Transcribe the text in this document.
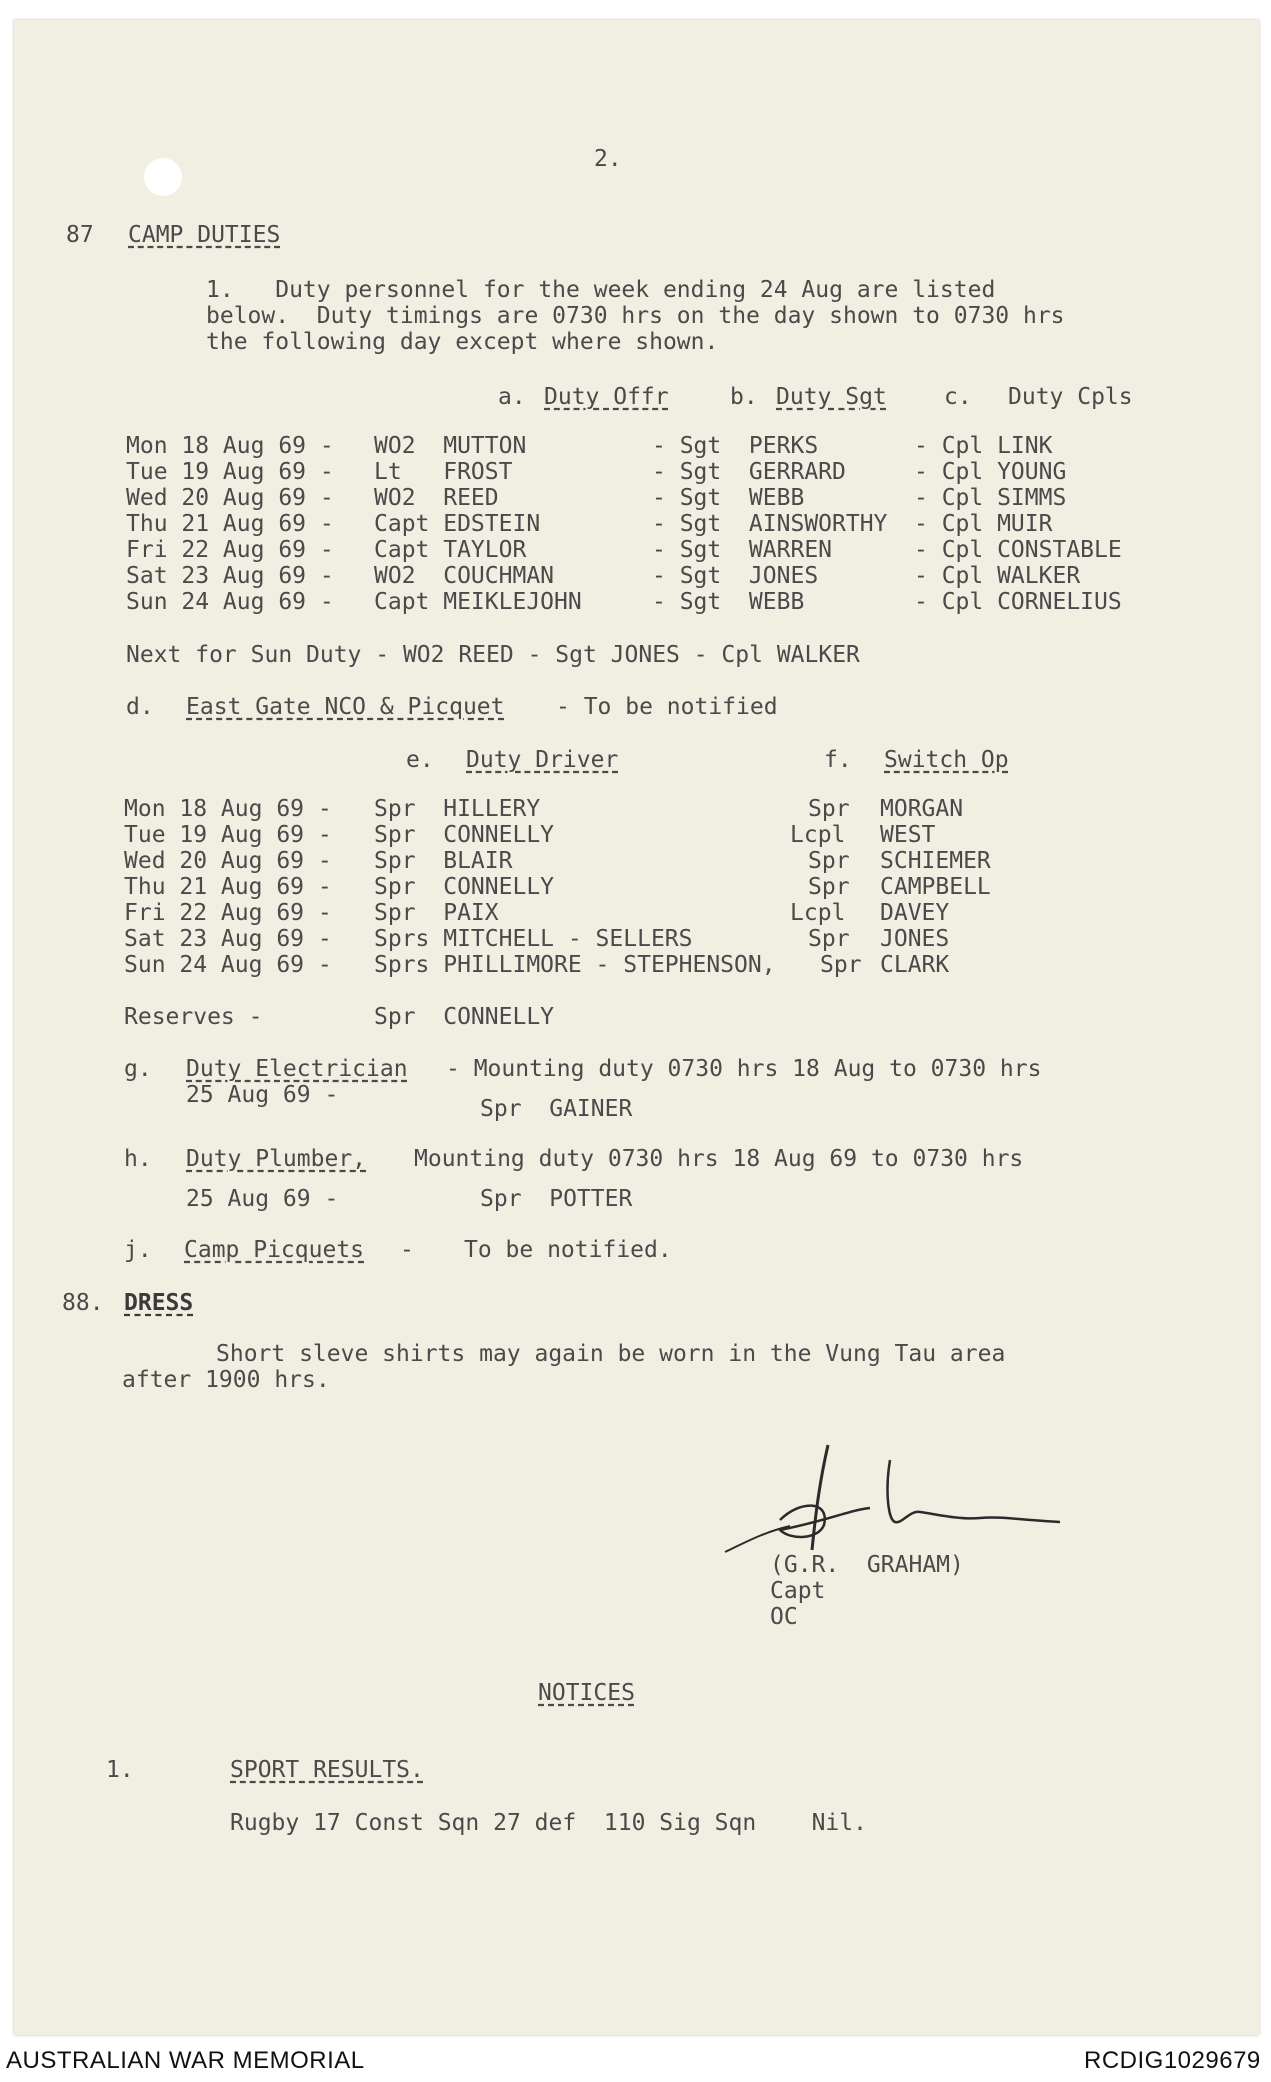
2.
87 CAMP DUTIES
1.   Duty personnel for the week ending 24 Aug are listed
below.  Duty timings are 0730 hrs on the day shown to 0730 hrs
the following day except where shown.
a. Duty Offr	b. Duty Sgt c. Duty Cpls
Mon 18 Aug 69 - WO2  MUTTON	- Sgt  PERKS	- Cpl LINK
Tue 19 Aug 69 - Lt   FROST	- Sgt  GERRARD	- Cpl YOUNG
Wed 20 Aug 69 - WO2  REED	- Sgt  WEBB	- Cpl SIMMS
Thu 21 Aug 69 - Capt EDSTEIN	- Sgt  AINSWORTHY - Cpl MUIR
Fri 22 Aug 69 - Capt TAYLOR	- Sgt  WARREN	- Cpl CONSTABLE
Sat 23 Aug 69 - WO2  COUCHMAN	- Sgt  JONES	- Cpl WALKER
Sun 24 Aug 69 - Capt MEIKLEJOHN	- Sgt  WEBB	- Cpl CORNELIUS
Next for Sun Duty - WO2 REED - Sgt JONES - Cpl WALKER
d. East Gate NCO & Picquet - To be notified
e. Duty Driver	f. Switch Op
Mon 18 Aug 69 - Spr  HILLERY	Spr MORGAN
Tue 19 Aug 69 - Spr  CONNELLY	Lcpl WEST
Wed 20 Aug 69 - Spr  BLAIR	Spr SCHIEMER
Thu 21 Aug 69 - Spr  CONNELLY	Spr CAMPBELL
Fri 22 Aug 69 - Spr  PAIX	Lcpl DAVEY
Sat 23 Aug 69 - Sprs MITCHELL - SELLERS	Spr JONES
Sun 24 Aug 69 - Sprs PHILLIMORE - STEPHENSON, Spr CLARK
Reserves -	Spr  CONNELLY
g. Duty Electrician - Mounting duty 0730 hrs 18 Aug to 0730 hrs
25 Aug 69 -
Spr  GAINER
h. Duty Plumber, Mounting duty 0730 hrs 18 Aug 69 to 0730 hrs
25 Aug 69 -	Spr  POTTER
j. Camp Picquets - To be notified.
88. DRESS
Short sleve shirts may again be worn in the Vung Tau area
after 1900 hrs.
(G.R.  GRAHAM)
Capt
OC
NOTICES
1.	SPORT RESULTS.
Rugby 17 Const Sqn 27 def  110 Sig Sqn    Nil.
AUSTRALIAN WAR MEMORIAL	RCDIG1029679
